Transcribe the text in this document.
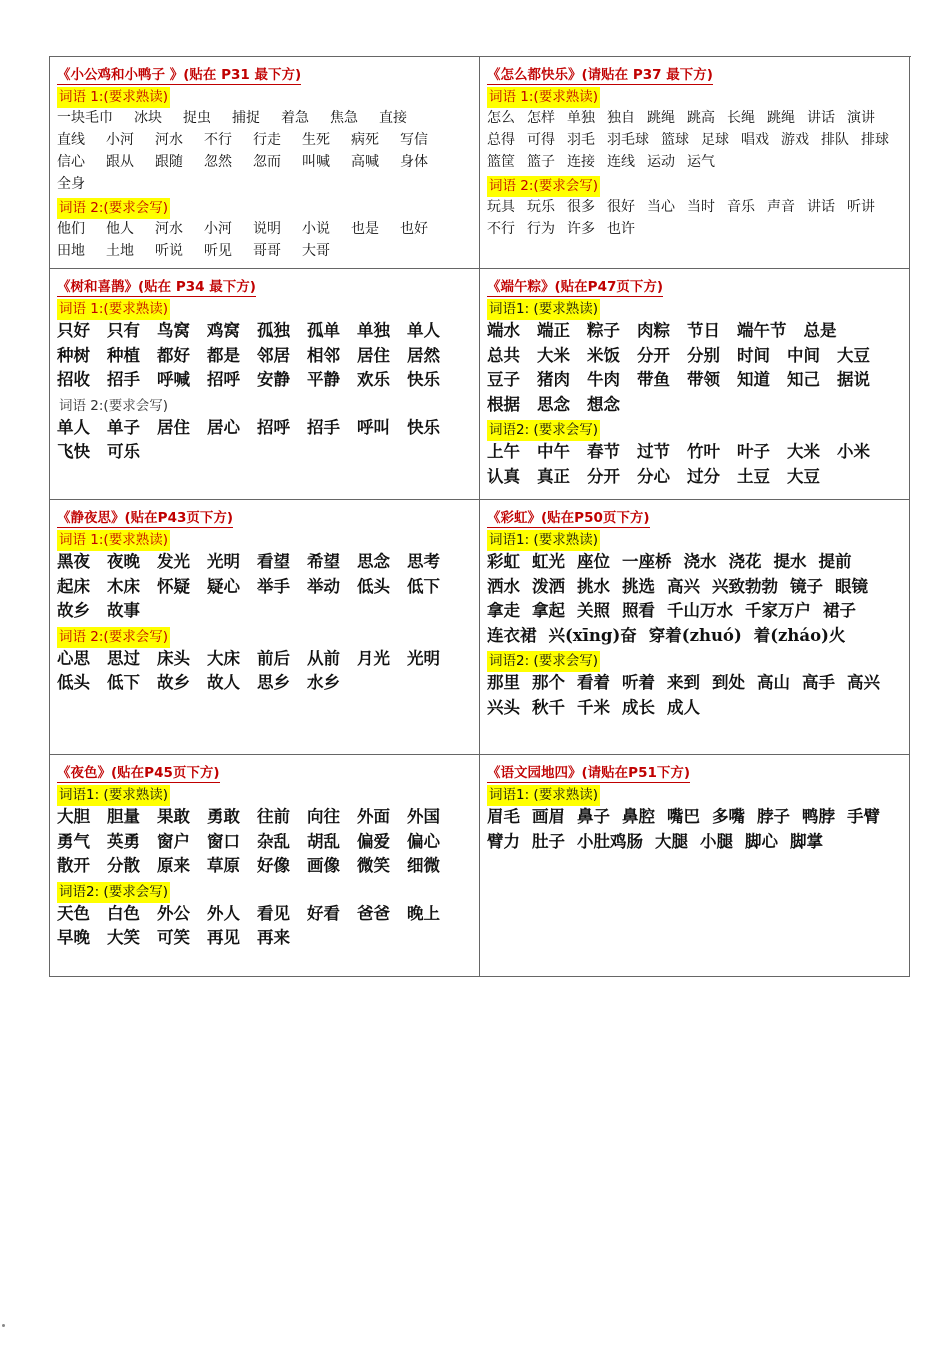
《小公鸡和小鸭子 》(贴在 P31 最下方)
词语 1:(要求熟读)
一块毛巾 冰块 捉虫 捕捉 着急 焦急 直接
直线 小河 河水 不行 行走 生死 病死 写信
信心 跟从 跟随 忽然 忽而 叫喊 高喊 身体
全身
词语 2:(要求会写)
他们 他人 河水 小河 说明 小说 也是 也好
田地 土地 听说 听见 哥哥 大哥
《怎么都快乐》(请贴在 P37 最下方)
词语 1:(要求熟读)
怎么 怎样 单独 独自 跳绳 跳高 长绳 跳绳 讲话 演讲
总得 可得 羽毛 羽毛球 篮球 足球 唱戏 游戏 排队 排球
篮筐 篮子 连接 连线 运动 运气
词语 2:(要求会写)
玩具 玩乐 很多 很好 当心 当时 音乐 声音 讲话 听讲
不行 行为 许多 也许
《树和喜鹊》(贴在 P34 最下方)
词语 1:(要求熟读)
只好 只有 鸟窝 鸡窝 孤独 孤单 单独 单人
种树 种植 都好 都是 邻居 相邻 居住 居然
招收 招手 呼喊 招呼 安静 平静 欢乐 快乐
词语 2:(要求会写)
单人 单子 居住 居心 招呼 招手 呼叫 快乐
飞快 可乐
《端午粽》(贴在P47页下方)
词语1: (要求熟读)
端水 端正 粽子 肉粽 节日 端午节 总是
总共 大米 米饭 分开 分别 时间 中间 大豆
豆子 猪肉 牛肉 带鱼 带领 知道 知己 据说
根据 思念 想念
词语2: (要求会写)
上午 中午 春节 过节 竹叶 叶子 大米 小米
认真 真正 分开 分心 过分 土豆 大豆
《静夜思》(贴在P43页下方)
词语 1:(要求熟读)
黑夜 夜晚 发光 光明 看望 希望 思念 思考
起床 木床 怀疑 疑心 举手 举动 低头 低下
故乡 故事
词语 2:(要求会写)
心思 思过 床头 大床 前后 从前 月光 光明
低头 低下 故乡 故人 思乡 水乡
《彩虹》(贴在P50页下方)
词语1: (要求熟读)
彩虹 虹光 座位 一座桥 浇水 浇花 提水 提前
洒水 泼洒 挑水 挑选 高兴 兴致勃勃 镜子 眼镜
拿走 拿起 关照 照看 千山万水 千家万户 裙子
连衣裙 兴(xīng)奋 穿着(zhuó) 着(zháo)火
词语2: (要求会写)
那里 那个 看着 听着 来到 到处 高山 高手 高兴
兴头 秋千 千米 成长 成人
《夜色》(贴在P45页下方)
词语1: (要求熟读)
大胆 胆量 果敢 勇敢 往前 向往 外面 外国
勇气 英勇 窗户 窗口 杂乱 胡乱 偏爱 偏心
散开 分散 原来 草原 好像 画像 微笑 细微
词语2: (要求会写)
天色 白色 外公 外人 看见 好看 爸爸 晚上
早晚 大笑 可笑 再见 再来
《语文园地四》(请贴在P51下方)
词语1: (要求熟读)
眉毛 画眉 鼻子 鼻腔 嘴巴 多嘴 脖子 鸭脖 手臂
臂力 肚子 小肚鸡肠 大腿 小腿 脚心 脚掌
